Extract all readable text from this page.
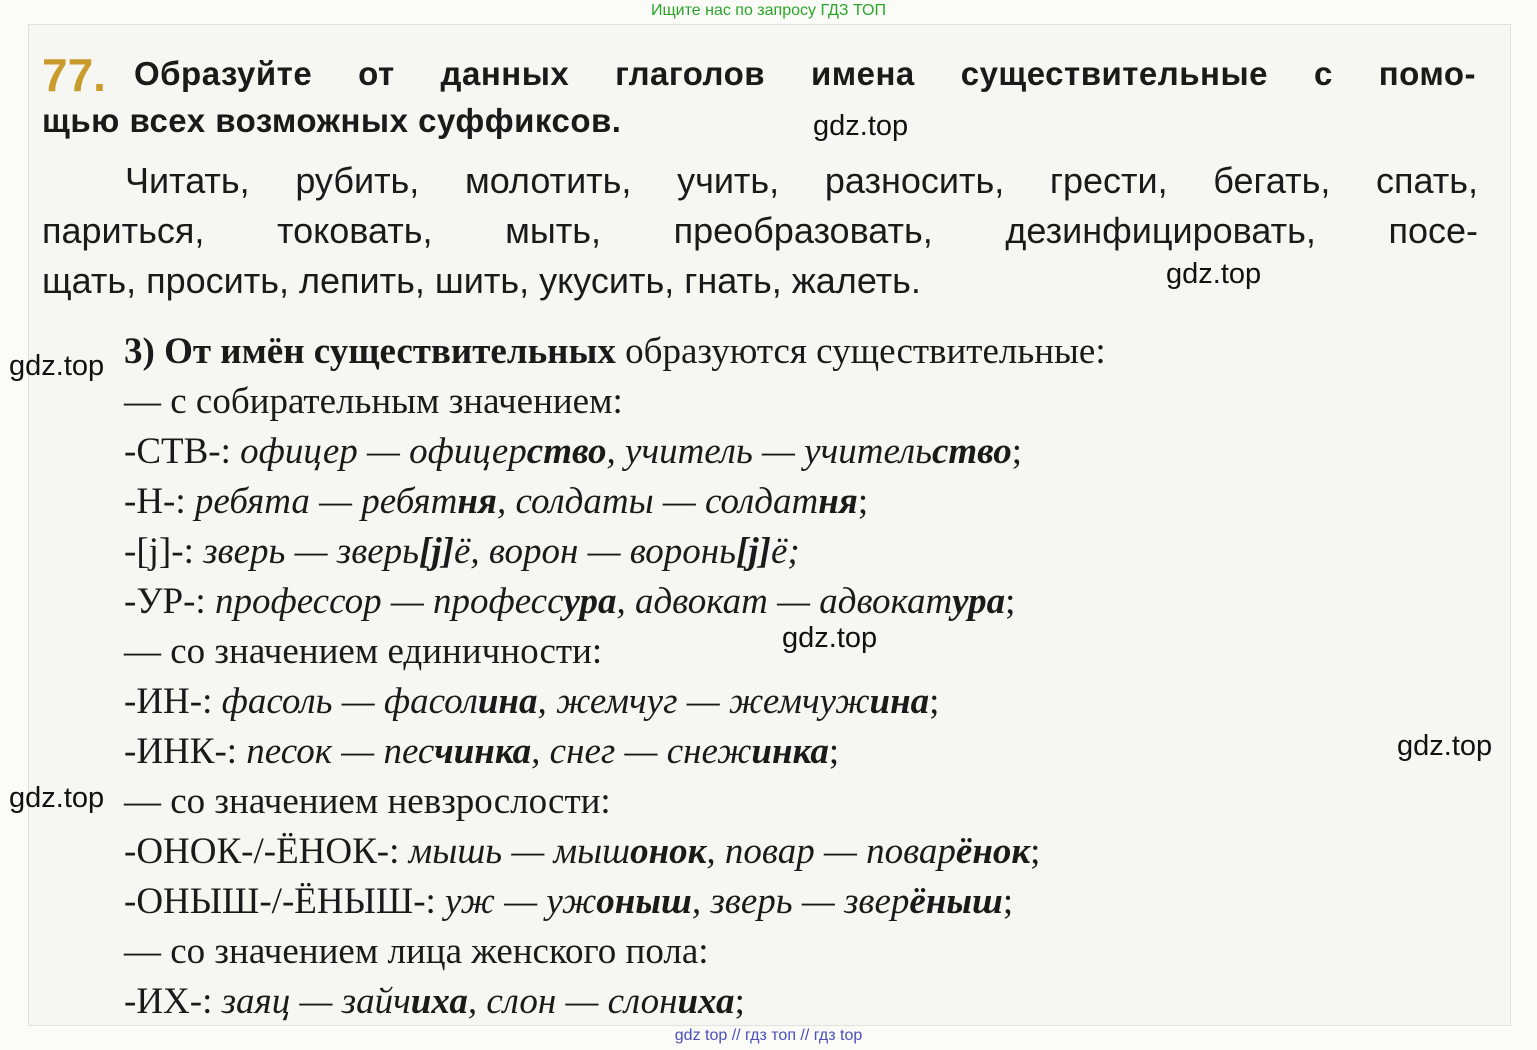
Ищите нас по запросу ГДЗ ТОП
77. Образуйте от данных глаголов имена существительные с помо-
щью всех возможных суффиксов.
Читать, рубить, молотить, учить, разносить, грести, бегать, спать,
париться, токовать, мыть, преобразовать, дезинфицировать, посе-
щать, просить, лепить, шить, укусить, гнать, жалеть.
3) От имён существительных образуются существительные:
— с собирательным значением:
-СТВ-: офицер — офицерство, учитель — учительство;
-Н-: ребята — ребятня, солдаты — солдатня;
-[j]-: зверь — зверь[j]ё, ворон — воронь[j]ё;
-УР-: профессор — профессура, адвокат — адвокатура;
— со значением единичности:
-ИН-: фасоль — фасолина, жемчуг — жемчужина;
-ИНК-: песок — песчинка, снег — снежинка;
— со значением невзрослости:
-ОНОК-/-ЁНОК-: мышь — мышонок, повар — поварёнок;
-ОНЫШ-/-ЁНЫШ-: уж — ужоныш, зверь — зверёныш;
— со значением лица женского пола:
-ИХ-: заяц — зайчиха, слон — слониха;
gdz.top
gdz.top
gdz.top
gdz.top
gdz.top
gdz.top
gdz top // гдз топ // гдз top
